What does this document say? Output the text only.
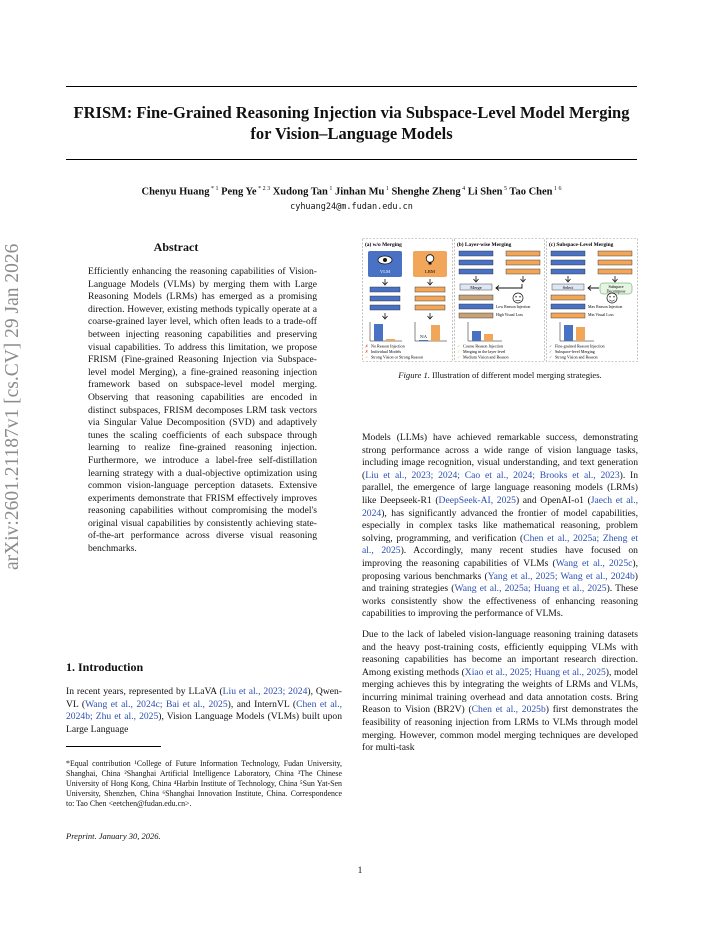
arXiv:2601.21187v1 [cs.CV] 29 Jan 2026
FRISM: Fine-Grained Reasoning Injection via Subspace-Level Model Merging
for Vision–Language Models
Chenyu Huang $^{* 1}$ Peng Ye $^{* 2 3}$ Xudong Tan $^1$ Jinhan Mu $^1$ Shenghe Zheng $^4$ Li Shen $^5$ Tao Chen $^{1 6}$
cyhuang24@m.fudan.edu.cn
Abstract

Efficiently enhancing the reasoning capabilities of Vision-Language Models (VLMs) by merging them with Large Reasoning Models (LRMs) has emerged as a promising direction. However, existing methods typically operate at a coarse-grained layer level, which often leads to a trade-off between injecting reasoning capabilities and preserving visual capabilities. To address this limitation, we propose FRISM (Fine-grained Reasoning Injection via Subspace-level model Merging), a fine-grained reasoning injection framework based on subspace-level model merging. Observing that reasoning capabilities are encoded in distinct subspaces, FRISM decomposes LRM task vectors via Singular Value Decomposition (SVD) and adaptively tunes the scaling coefficients of each subspace through learning to realize fine-grained reasoning injection. Furthermore, we introduce a label-free self-distillation learning strategy with a dual-objective optimization using common vision-language perception datasets. Extensive experiments demonstrate that FRISM effectively improves reasoning capabilities without compromising the model's original visual capabilities by consistently achieving state-of-the-art performance across diverse visual reasoning benchmarks.

1. Introduction

In recent years, represented by LLaVA (Liu et al., 2023; 2024), Qwen-VL (Wang et al., 2024c; Bai et al., 2025), and InternVL (Chen et al., 2024b; Zhu et al., 2025), Vision Language Models (VLMs) built upon Large Language

*Equal contribution ¹College of Future Information Technology, Fudan University, Shanghai, China ²Shanghai Artificial Intelligence Laboratory, China ³The Chinese University of Hong Kong, China ⁴Harbin Institute of Technology, China ⁵Sun Yat-Sen University, Shenzhen, China ⁶Shanghai Innovation Institute, China. Correspondence to: Tao Chen <eetchen@fudan.edu.cn>.

Preprint. January 30, 2026.
(a) w/o Merging	(b) Layer-wise Merging	(c) Subspace-Level Merging
VLM	LRM
N/A
Merge
Low Reason Injection
High Visual Loss
Select	Subspace
Decompose
Max Reason Injection
Min Visual Loss
✗ No Reason Injection
✗ Individual Models
✓ Strong Vision or Strong Reason
✓ Coarse Reason Injection
✓ Merging in the layer level
✓ Medium Vision and Reason
✓ Fine-grained Reason Injection
✓ Subspace-level Merging
✓ Strong Vision and Reason
Figure 1. Illustration of different model merging strategies.

Models (LLMs) have achieved remarkable success, demonstrating strong performance across a wide range of vision language tasks, including image recognition, visual understanding, and text generation (Liu et al., 2023; 2024; Cao et al., 2024; Brooks et al., 2023). In parallel, the emergence of large language reasoning models (LRMs) like Deepseek-R1 (DeepSeek-AI, 2025) and OpenAI-o1 (Jaech et al., 2024), has significantly advanced the frontier of model capabilities, especially in complex tasks like mathematical reasoning, problem solving, programming, and verification (Chen et al., 2025a; Zheng et al., 2025). Accordingly, many recent studies have focused on improving the reasoning capabilities of VLMs (Wang et al., 2025c), proposing various benchmarks (Yang et al., 2025; Wang et al., 2024b) and training strategies (Wang et al., 2025a; Huang et al., 2025). These works consistently show the effectiveness of enhancing reasoning capabilities to improving the performance of VLMs.

Due to the lack of labeled vision-language reasoning training datasets and the heavy post-training costs, efficiently equipping VLMs with reasoning capabilities has become an important research direction. Among existing methods (Xiao et al., 2025; Huang et al., 2025), model merging achieves this by integrating the weights of LRMs and VLMs, incurring minimal training overhead and data annotation costs. Bring Reason to Vision (BR2V) (Chen et al., 2025b) first demonstrates the feasibility of reasoning injection from LRMs to VLMs through model merging. However, common model merging techniques are developed for multi-task

1
